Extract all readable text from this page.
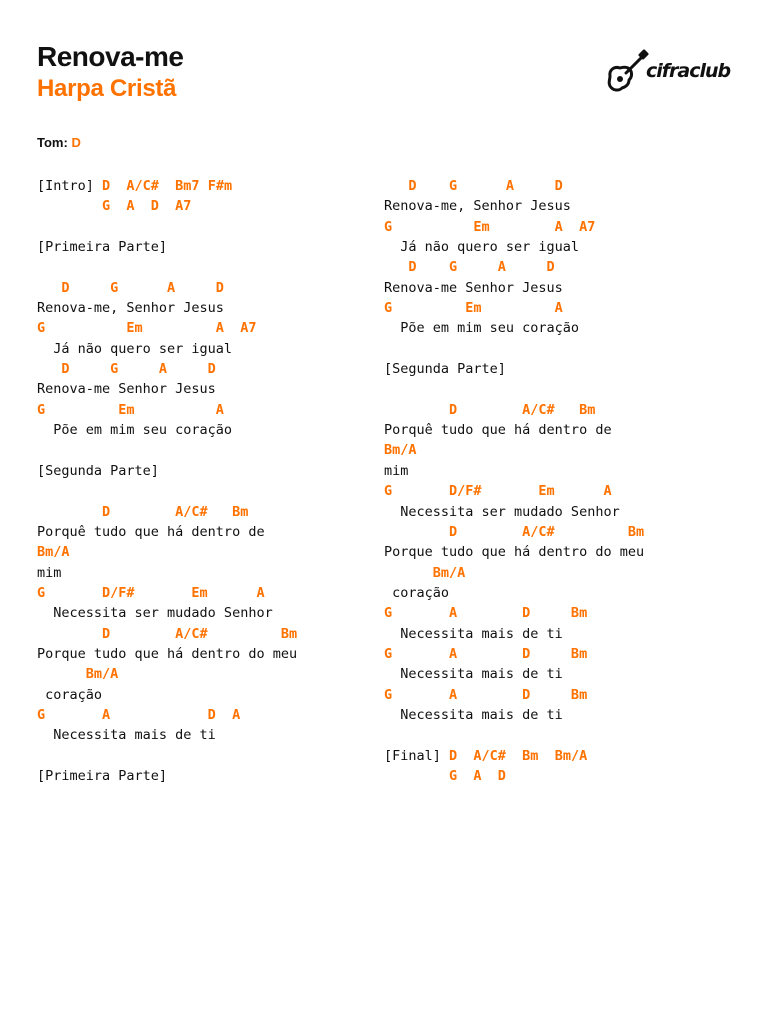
Renova-me
Harpa Cristã
cifraclub
Tom: D
[Intro] D  A/C#  Bm7 F#m
G  A  D  A7
[Primeira Parte]
D     G      A     D
Renova-me, Senhor Jesus
G          Em         A  A7
Já não quero ser igual
D     G     A     D
Renova-me Senhor Jesus
G         Em          A
Põe em mim seu coração
[Segunda Parte]
D        A/C#   Bm
Porquê tudo que há dentro de
Bm/A
mim
G       D/F#       Em      A
Necessita ser mudado Senhor
D        A/C#         Bm
Porque tudo que há dentro do meu
Bm/A
coração
G       A            D  A
Necessita mais de ti
[Primeira Parte]
D    G      A     D
Renova-me, Senhor Jesus
G          Em        A  A7
Já não quero ser igual
D    G     A     D
Renova-me Senhor Jesus
G         Em         A
Põe em mim seu coração
[Segunda Parte]
D        A/C#   Bm
Porquê tudo que há dentro de
Bm/A
mim
G       D/F#       Em      A
Necessita ser mudado Senhor
D        A/C#         Bm
Porque tudo que há dentro do meu
Bm/A
coração
G       A        D     Bm
Necessita mais de ti
G       A        D     Bm
Necessita mais de ti
G       A        D     Bm
Necessita mais de ti
[Final] D  A/C#  Bm  Bm/A
G  A  D
